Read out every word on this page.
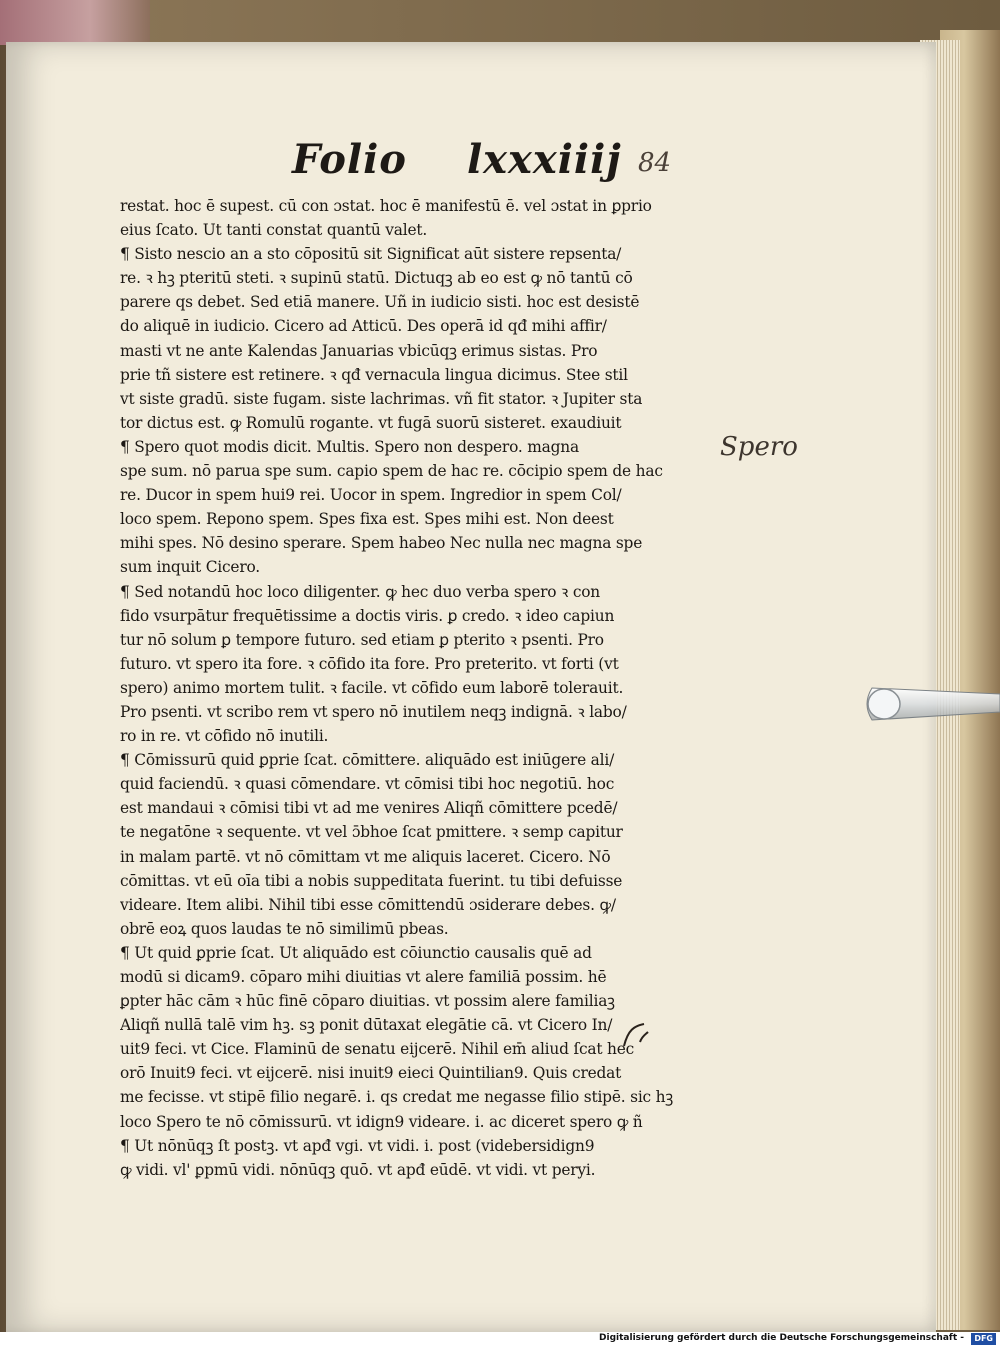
Folio lxxxiiij 84
Spero
restat. hoc ē supest. cū con ɔstat. hoc ē manifestū ē. vel ɔstat in ꝑprio
eius ſcato. Ut tanti constat quantū valet.
¶ Sisto nescio an a sto cōpositū sit Significat aūt sistere repsenta/
re. ꝛ hꝫ pteritū steti. ꝛ supinū statū. Dictuqꝫ ab eo est ꝙ nō tantū cō
parere qs debet. Sed etiā manere. Uñ in iudicio sisti. hoc est desistē
do aliquē in iudicio. Cicero ad Atticū. Des operā id qđ mihi affir/
masti vt ne ante Kalendas Januarias vbicūqꝫ erimus sistas. Pro
prie tñ sistere est retinere. ꝛ qđ vernacula lingua dicimus. Stee stil
vt siste gradū. siste fugam. siste lachrimas. vñ fit stator. ꝛ Jupiter sta
tor dictus est. ꝙ Romulū rogante. vt fugā suorū sisteret. exaudiuit
¶ Spero quot modis dicit. Multis. Spero non despero. magna
spe sum. nō parua spe sum. capio spem de hac re. cōcipio spem de hac
re. Ducor in spem hui9 rei. Uocor in spem. Ingredior in spem Col/
loco spem. Repono spem. Spes fixa est. Spes mihi est. Non deest
mihi spes. Nō desino sperare. Spem habeo Nec nulla nec magna spe
sum inquit Cicero.
¶ Sed notandū hoc loco diligenter. ꝙ hec duo verba spero ꝛ con
fido vsurpātur frequētissime a doctis viris. ꝑ credo. ꝛ ideo capiun
tur nō solum ꝑ tempore futuro. sed etiam ꝑ pterito ꝛ psenti. Pro
futuro. vt spero ita fore. ꝛ cōfido ita fore. Pro preterito. vt forti (vt
spero) animo mortem tulit. ꝛ facile. vt cōfido eum laborē tolerauit.
Pro psenti. vt scribo rem vt spero nō inutilem neqꝫ indignā. ꝛ labo/
ro in re. vt cōfido nō inutili.
¶ Cōmissurū quid ꝑprie ſcat. cōmittere. aliquādo est iniūgere ali/
quid faciendū. ꝛ quasi cōmendare. vt cōmisi tibi hoc negotiū. hoc
est mandaui ꝛ cōmisi tibi vt ad me venires Aliqñ cōmittere pcedē/
te negatōne ꝛ sequente. vt vel ɔ̄bhoe ſcat pmittere. ꝛ semp capitur
in malam partē. vt nō cōmittam vt me aliquis laceret. Cicero. Nō
cōmittas. vt eū oīa tibi a nobis suppeditata fuerint. tu tibi defuisse
videare. Item alibi. Nihil tibi esse cōmittendū ɔsiderare debes. ꝙ/
obrē eoꝝ quos laudas te nō similimū pbeas.
¶ Ut quid ꝑprie ſcat. Ut aliquādo est cōiunctio causalis quē ad
modū si dicam9. cōparo mihi diuitias vt alere familiā possim. hē
ꝑpter hāc cām ꝛ hūc finē cōparo diuitias. vt possim alere familiaꝫ
Aliqñ nullā talē vim hꝫ. sꝫ ponit dūtaxat elegātie cā. vt Cicero In/
uit9 feci. vt Cice. Flaminū de senatu eijcerē. Nihil em̄ aliud ſcat hec
orō Inuit9 feci. vt eijcerē. nisi inuit9 eieci Quintilian9. Quis credat
me fecisse. vt stipē filio negarē. i. qs credat me negasse filio stipē. sic hꝫ
loco Spero te nō cōmissurū. vt idign9 videare. i. ac diceret spero ꝙ ñ
¶ Ut nōnūqꝫ ſt postꝫ. vt apđ vgi. vt vidi. i. post (videbersidign9
ꝙ vidi. vl' ꝑpmū vidi. nōnūqꝫ quō. vt apđ eūdē. vt vidi. vt peryi.
Digitalisierung gefördert durch die Deutsche Forschungsgemeinschaft -	DFG
